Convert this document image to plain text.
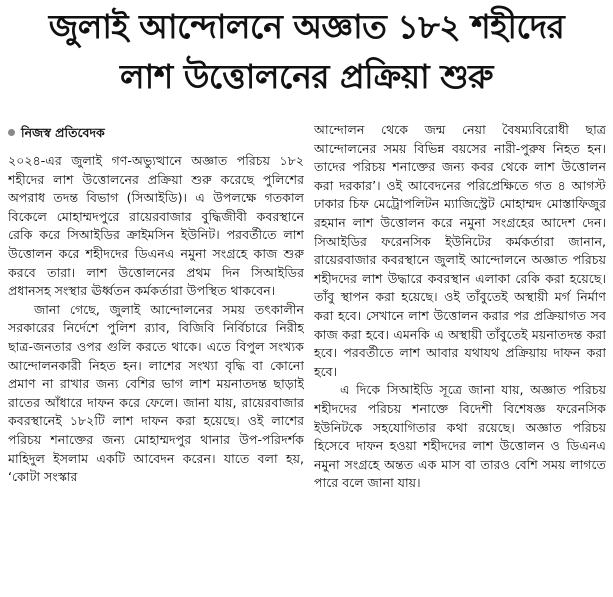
জুলাই আন্দোলনে অজ্ঞাত ১৮২ শহীদের
লাশ উত্তোলনের প্রক্রিয়া শুরু
নিজস্ব প্রতিবেদক

২০২৪-এর জুলাই গণ-অভ্যুত্থানে অজ্ঞাত পরিচয় ১৮২ শহীদের লাশ উত্তোলনের প্রক্রিয়া শুরু করেছে পুলিশের অপরাধ তদন্ত বিভাগ (সিআইডি)। এ উপলক্ষে গতকাল বিকেলে মোহাম্মদপুরে রায়েরবাজার বুদ্ধিজীবী কবরস্থানে রেকি করে সিআইডির ক্রাইমসিন ইউনিট। পরবর্তীতে লাশ উত্তোলন করে শহীদদের ডিএনএ নমুনা সংগ্রহে কাজ শুরু করবে তারা। লাশ উত্তোলনের প্রথম দিন সিআইডির প্রধানসহ সংস্থার ঊর্ধ্বতন কর্মকর্তারা উপস্থিত থাকবেন।

জানা গেছে, জুলাই আন্দোলনের সময় তৎকালীন সরকারের নির্দেশে পুলিশ র‌্যাব, বিজিবি নির্বিচারে নিরীহ ছাত্র-জনতার ওপর গুলি করতে থাকে। এতে বিপুল সংখ্যক আন্দোলনকারী নিহত হন। লাশের সংখ্যা বৃদ্ধি বা কোনো প্রমাণ না রাখার জন্য বেশির ভাগ লাশ ময়নাতদন্ত ছাড়াই রাতের আঁধারে দাফন করে ফেলে। জানা যায়, রায়েরবাজার কবরস্থানেই ১৮২টি লাশ দাফন করা হয়েছে। ওই লাশের পরিচয় শনাক্তের জন্য মোহাম্মদপুর থানার উপ-পরিদর্শক মাহিদুল ইসলাম একটি আবেদন করেন। যাতে বলা হয়, ‘কোটা সংস্কার

আন্দোলন থেকে জন্ম নেয়া বৈষম্যবিরোধী ছাত্র আন্দোলনের সময় বিভিন্ন বয়সের নারী-পুরুষ নিহত হন। তাদের পরিচয় শনাক্তের জন্য কবর থেকে লাশ উত্তোলন করা দরকার’। ওই আবেদনের পরিপ্রেক্ষিতে গত ৪ আগস্ট ঢাকার চিফ মেট্রোপলিটন ম্যাজিস্ট্রেট মোহাম্মদ মোস্তাফিজুর রহমান লাশ উত্তোলন করে নমুনা সংগ্রহের আদেশ দেন। সিআইডির ফরেনসিক ইউনিটের কর্মকর্তারা জানান, রায়েরবাজার কবরস্থানে জুলাই আন্দোলনে অজ্ঞাত পরিচয় শহীদদের লাশ উদ্ধারে কবরস্থান এলাকা রেকি করা হয়েছে। তাঁবু স্থাপন করা হয়েছে। ওই তাঁবুতেই অস্থায়ী মর্গ নির্মাণ করা হবে। সেখানে লাশ উত্তোলন করার পর প্রক্রিয়াগত সব কাজ করা হবে। এমনকি এ অস্থায়ী তাঁবুতেই ময়নাতদন্ত করা হবে। পরবর্তীতে লাশ আবার যথাযথ প্রক্রিয়ায় দাফন করা হবে।

এ দিকে সিআইডি সূত্রে জানা যায়, অজ্ঞাত পরিচয় শহীদদের পরিচয় শনাক্তে বিদেশী বিশেষজ্ঞ ফরেনসিক ইউনিটকে সহযোগিতার কথা রয়েছে। অজ্ঞাত পরিচয় হিসেবে দাফন হওয়া শহীদদের লাশ উত্তোলন ও ডিএনএ নমুনা সংগ্রহে অন্তত এক মাস বা তারও বেশি সময় লাগতে পারে বলে জানা যায়।
